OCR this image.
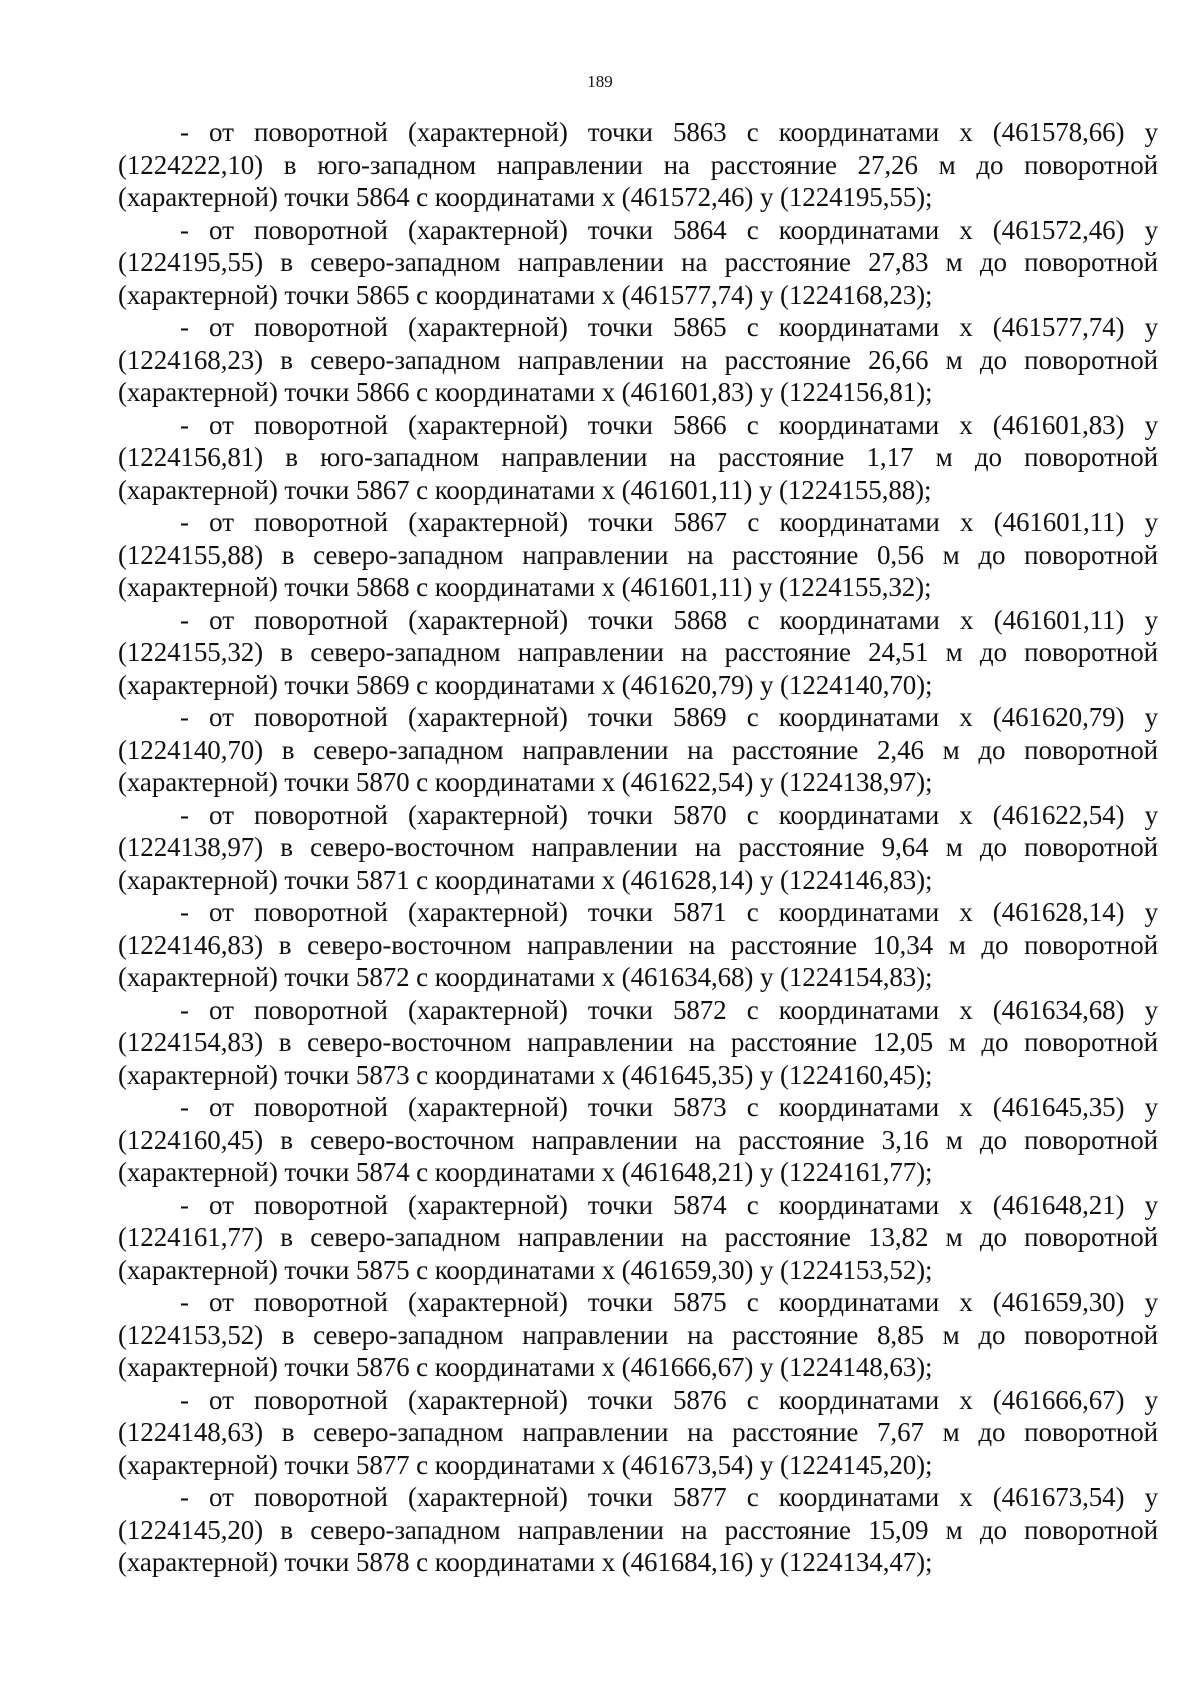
189

- от поворотной (характерной) точки 5863 с координатами x (461578,66) y (1224222,10) в юго-западном направлении на расстояние 27,26 м до поворотной (характерной) точки 5864 с координатами x (461572,46) y (1224195,55);

- от поворотной (характерной) точки 5864 с координатами x (461572,46) y (1224195,55) в северо-западном направлении на расстояние 27,83 м до поворотной (характерной) точки 5865 с координатами x (461577,74) y (1224168,23);

- от поворотной (характерной) точки 5865 с координатами x (461577,74) y (1224168,23) в северо-западном направлении на расстояние 26,66 м до поворотной (характерной) точки 5866 с координатами x (461601,83) y (1224156,81);

- от поворотной (характерной) точки 5866 с координатами x (461601,83) y (1224156,81) в юго-западном направлении на расстояние 1,17 м до поворотной (характерной) точки 5867 с координатами x (461601,11) y (1224155,88);

- от поворотной (характерной) точки 5867 с координатами x (461601,11) y (1224155,88) в северо-западном направлении на расстояние 0,56 м до поворотной (характерной) точки 5868 с координатами x (461601,11) y (1224155,32);

- от поворотной (характерной) точки 5868 с координатами x (461601,11) y (1224155,32) в северо-западном направлении на расстояние 24,51 м до поворотной (характерной) точки 5869 с координатами x (461620,79) y (1224140,70);

- от поворотной (характерной) точки 5869 с координатами x (461620,79) y (1224140,70) в северо-западном направлении на расстояние 2,46 м до поворотной (характерной) точки 5870 с координатами x (461622,54) y (1224138,97);

- от поворотной (характерной) точки 5870 с координатами x (461622,54) y (1224138,97) в северо-восточном направлении на расстояние 9,64 м до поворотной (характерной) точки 5871 с координатами x (461628,14) y (1224146,83);

- от поворотной (характерной) точки 5871 с координатами x (461628,14) y (1224146,83) в северо-восточном направлении на расстояние 10,34 м до поворотной (характерной) точки 5872 с координатами x (461634,68) y (1224154,83);

- от поворотной (характерной) точки 5872 с координатами x (461634,68) y (1224154,83) в северо-восточном направлении на расстояние 12,05 м до поворотной (характерной) точки 5873 с координатами x (461645,35) y (1224160,45);

- от поворотной (характерной) точки 5873 с координатами x (461645,35) y (1224160,45) в северо-восточном направлении на расстояние 3,16 м до поворотной (характерной) точки 5874 с координатами x (461648,21) y (1224161,77);

- от поворотной (характерной) точки 5874 с координатами x (461648,21) y (1224161,77) в северо-западном направлении на расстояние 13,82 м до поворотной (характерной) точки 5875 с координатами x (461659,30) y (1224153,52);

- от поворотной (характерной) точки 5875 с координатами x (461659,30) y (1224153,52) в северо-западном направлении на расстояние 8,85 м до поворотной (характерной) точки 5876 с координатами x (461666,67) y (1224148,63);

- от поворотной (характерной) точки 5876 с координатами x (461666,67) y (1224148,63) в северо-западном направлении на расстояние 7,67 м до поворотной (характерной) точки 5877 с координатами x (461673,54) y (1224145,20);

- от поворотной (характерной) точки 5877 с координатами x (461673,54) y (1224145,20) в северо-западном направлении на расстояние 15,09 м до поворотной (характерной) точки 5878 с координатами x (461684,16) y (1224134,47);
